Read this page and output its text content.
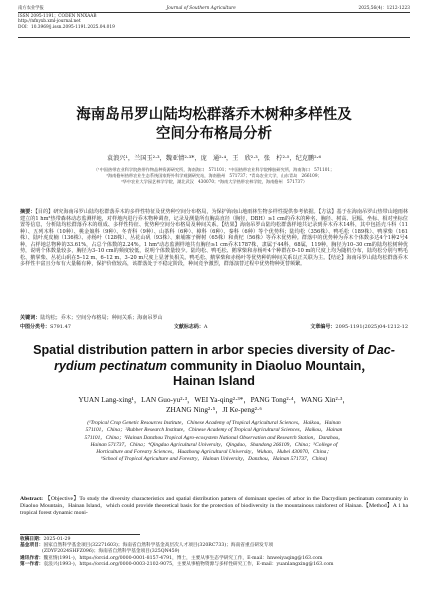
南方农业学报	Journal of Southern Agriculture	2025,56(4)：1212-1223
ISSN 2095-1191；CODEN NNXAAB
http://nfnyxb.xml-journal.net
DOI：10.3969/j.issn.2095-1191.2025.04.019
海南岛吊罗山陆均松群落乔木树种多样性及
空间分布格局分析
袁浪兴¹，兰国玉²·³，魏亚情²·³*，庞　通²·⁴，王　欣²·³，张　柠²·⁵，纪克鹏²·⁶
（¹中国热带农业科学院热带作物品种资源研究所，海南海口　571101；²中国热带农业科学院橡胶研究所，海南海口　571101；
³海南儋州热带农业生态系统国家野外科学观测研究站，海南儋州　571737；⁴青岛农业大学，山东青岛　266109；
⁵华中农业大学园艺林学学院，湖北武汉　430070；⁶海南大学热带农林学院，海南儋州　571737）
摘要：【目的】研究海南吊罗山陆均松群落乔木的多样性特征及优势种空间分布格局，为保护海南山地雨林生物多样性提供参考依据。【方法】基于在海南吊罗山热带山地雨林建立的1 hm²热带森林动态监测样地，对样地内进行乔木物种调查，记录及测量所有胸高直径（胸径，DBH）≥1 cm的乔木的种名、胸径、树高、冠幅、坐标、相对坐标位置等信息，分析陆均松群落乔木的组成、多样性特征、优势种空间分布格局及种间关系。【结果】海南吊罗山陆均松群落样地共记录到乔木乔木14科，其中包括壳斗科（11种）、五列木科（10种）、桃金娘科（9种）、冬青科（9种）、山茶科（6种）、樟科（6种）、秦科（6种）等个优势科；陆均松（356株）、鸭毛松（189株）、鸭掌柴（161株）、陆叶虎皮楠（136株）、赤杨叶（128株）、丛花山矾（93株）、柬埔寨子樨树（65株）和黄杞（56株）等乔木优势种。群落中的优势种为乔木个体数多达4个1种2号4种，占样地总物种的33.61%，占总个体数的2.24%。1 hm²动态监测样地共有胸径≥1 cm乔木1787株，隶属于44科，68属，119种，胸径为10–30 cm的陆均松树种优势，说明个体数量较多，胸径为3–10 cm的频度较低，说明个体数量较少。陆均松、鸭毛松、鹅掌柴和赤杨叶4个种群在0–10 m的尺度上均为随机分布，陆均松分别与鸭毛松、鹅掌柴、丛花山矾在5–12 m、6–12 m、3–20 m尺度上显著负相关。鸭毛松、鹅掌柴和赤杨叶等优势种的种间关系以正关联为主。【结论】海南吊罗山陆均松群落乔木多样性丰富且分布有大量稀有种，保护价值较高，该群落处于不稳定阶段，种间竞争激烈，群落演替过程中优势物种更替频繁。
关键词：陆均松；乔木；空间分布格局；种间关系；海南吊罗山
中图分类号：S791.47	文献标志码：A	文章编号：2095-1191(2025)04-1212-12
Spatial distribution pattern in arbor species diversity of Dac-
rydium pectinatum community in Diaoluo Mountain，
Hainan Island
YUAN Lang-xing¹，LAN Guo-yu²·³，WEI Ya-qing²·³*，PANG Tong²·⁴，WANG Xin²·³，
ZHANG Ning²·⁵，JI Ke-peng²·⁶
(¹Tropical Crop Genetic Resources Institute，Chinese Academy of Tropical Agricultural Sciences，Haikou，Hainan
571101，China；²Rubber Research Institute，Chinese Academy of Tropical Agricultural Sciences，Haikou，Hainan
571101，China；³Hainan Danzhou Tropical Agro-ecosystem National Observation and Research Station，Danzhou，
Hainan 571737，China；⁴Qingdao Agricultural University，Qingdao，Shandong 266109，China；⁵College of
Horticulture and Forestry Sciences，Huazhong Agricultural University，Wuhan，Hubei 430070，China；
⁶School of Tropical Agriculture and Forestry，Hainan University，Danzhou，Hainan 571737，China)
Abstract: 【Objective】To study the diversity characteristics and spatial distribution pattern of dominant species of arbor in the Dacrydium pectinatum community in Diaoluo Mountain，Hainan Island，which could provide theoretical basis for the protection of biodiversity in the mountainous rainforest of Hainan.【Method】A 1 ha tropical forest dynamic moni-
收稿日期：2025-01-29
基金项目：国家自然科学基金项目(32271603)；海南省自然科学基金高层次人才项目(320RC733)；海南省重点研发专项
(ZDYF2024SHFZ096)；海南省自然科学基金项目(325QN459)
通讯作者：魏亚情(1991-)，https://orcid.org/0000-0001-8157-4791，博士，主要从事生态学研究工作，E-mail：hnweiyaqing@163.com
第一作者：袁浪兴(1993-)，https://orcid.org/0000-0003-2102-9075，主要从事植物资源与多样性研究工作，E-mail：yuanlangxing@163.com
